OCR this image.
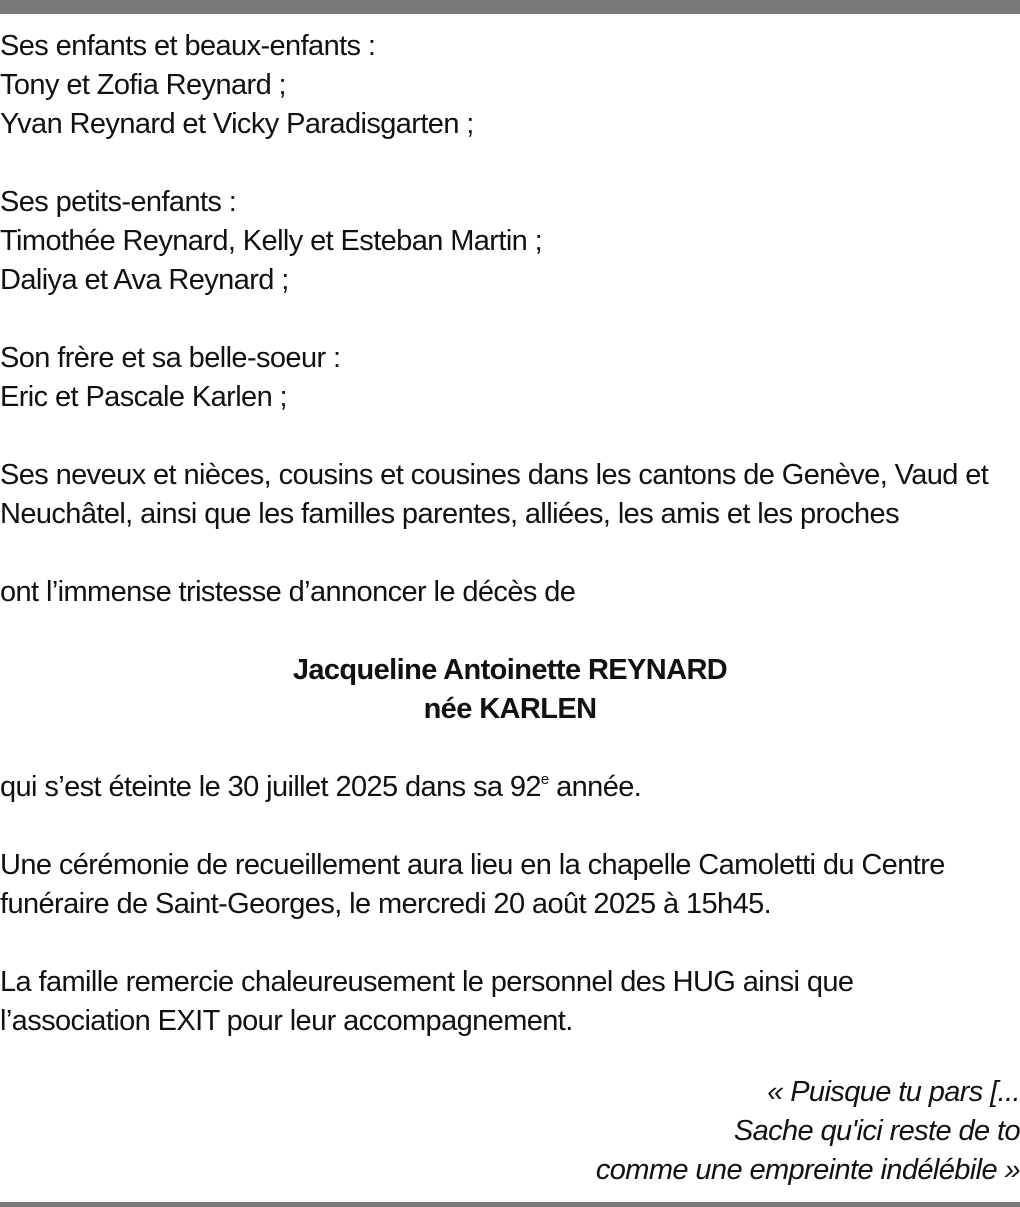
Ses enfants et beaux-enfants :
Tony et Zofia Reynard ;
Yvan Reynard et Vicky Paradisgarten ;
Ses petits-enfants :
Timothée Reynard, Kelly et Esteban Martin ;
Daliya et Ava Reynard ;
Son frère et sa belle-soeur :
Eric et Pascale Karlen ;
Ses neveux et nièces, cousins et cousines dans les cantons de Genève, Vaud et
Neuchâtel, ainsi que les familles parentes, alliées, les amis et les proches
ont l’immense tristesse d’annoncer le décès de
Jacqueline Antoinette REYNARD
née KARLEN
qui s’est éteinte le 30 juillet 2025 dans sa 92e année.
Une cérémonie de recueillement aura lieu en la chapelle Camoletti du Centre
funéraire de Saint-Georges, le mercredi 20 août 2025 à 15h45.
La famille remercie chaleureusement le personnel des HUG ainsi que
l’association EXIT pour leur accompagnement.
« Puisque tu pars [...
Sache qu'ici reste de to
comme une empreinte indélébile »
